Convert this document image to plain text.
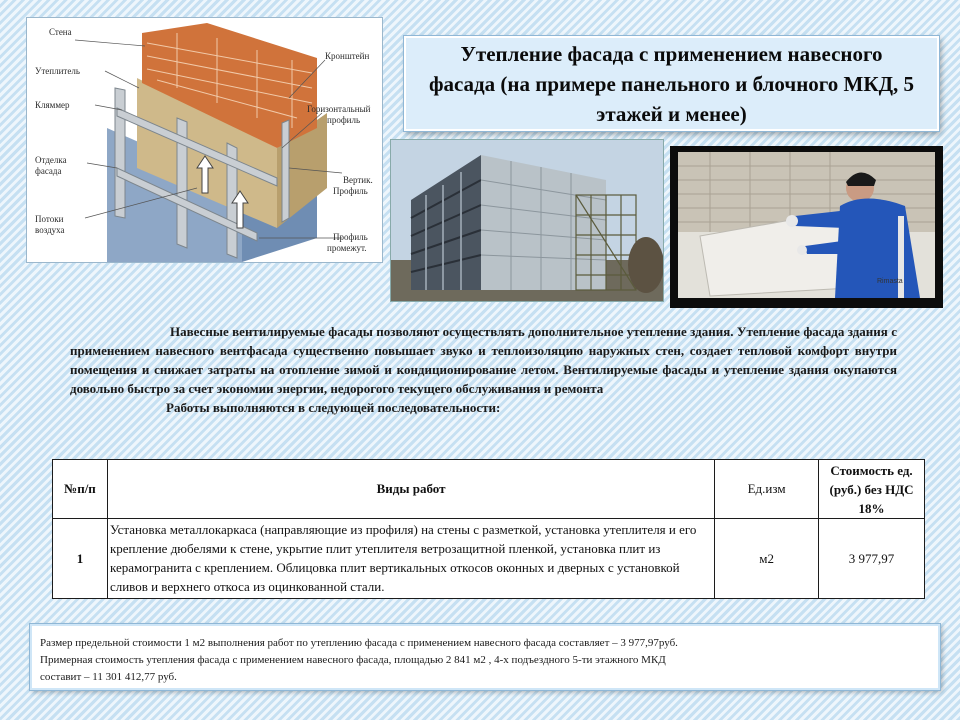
Стена
Утеплитель
Кляммер
Отделка
фасада
Потоки
воздуха
Кронштейн
Горизонтальный
профиль
Вертик.
Профиль
Профиль
промежут.
Утепление фасада с применением навесного фасада (на примере панельного и блочного МКД, 5 этажей и менее)
Rimasta

Навесные вентилируемые фасады позволяют осуществлять дополнительное утепление здания. Утепление фасада здания с применением навесного вентфасада существенно повышает звуко и теплоизоляцию наружных стен, создает тепловой комфорт внутри помещения и снижает затраты на отопление зимой и кондиционирование летом. Вентилируемые фасады и утепление здания окупаются довольно быстро за счет экономии энергии, недорогого текущего обслуживания и ремонта

Работы выполняются в следующей последовательности:

№п/п	Виды работ	Ед.изм	Стоимость ед. (руб.) без НДС 18%
1	Установка металлокаркаса (направляющие из профиля) на стены с разметкой, установка утеплителя и его крепление дюбелями к стене, укрытие плит утеплителя ветрозащитной пленкой, установка плит из керамогранита с креплением. Облицовка плит вертикальных откосов оконных и дверных с установкой сливов и верхнего откоса из оцинкованной стали.	м2	3 977,97

Размер предельной стоимости 1 м2 выполнения работ по утеплению фасада с применением навесного фасада составляет – 3 977,97руб.

Примерная стоимость утепления фасада с применением навесного фасада, площадью 2 841 м2 , 4-х подъездного 5-ти этажного МКД

составит – 11 301 412,77 руб.
